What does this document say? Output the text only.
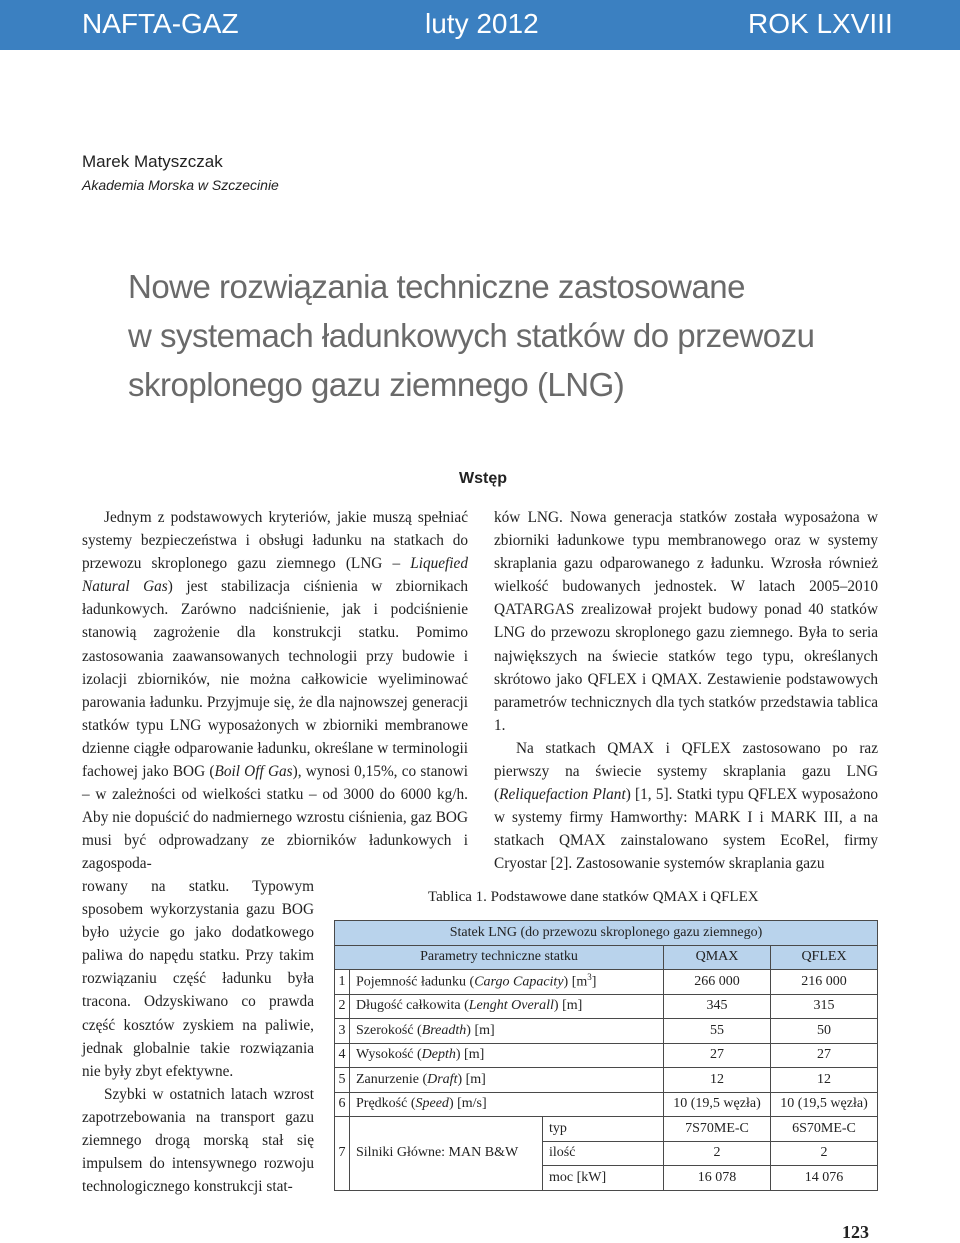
NAFTA-GAZ	luty 2012	ROK LXVIII
Marek Matyszczak
Akademia Morska w Szczecinie
Nowe rozwiązania techniczne zastosowane
w systemach ładunkowych statków do przewozu
skroplonego gazu ziemnego (LNG)
Wstęp

Jednym z podstawowych kryteriów, jakie muszą spełniać systemy bezpieczeństwa i obsługi ładunku na statkach do przewozu skroplonego gazu ziemnego (LNG – Liquefied Natural Gas) jest stabilizacja ciśnienia w zbiornikach ładunkowych. Zarówno nadciśnienie, jak i podciśnienie stanowią zagrożenie dla konstrukcji statku. Pomimo zastosowania zaawansowanych technologii przy budowie i izolacji zbiorników, nie można całkowicie wyeliminować parowania ładunku. Przyjmuje się, że dla najnowszej generacji statków typu LNG wyposażonych w zbiorniki membranowe dzienne ciągłe odparowanie ładunku, określane w terminologii fachowej jako BOG (Boil Off Gas), wynosi 0,15%, co stanowi – w zależności od wielkości statku – od 3000 do 6000 kg/h. Aby nie dopuścić do nadmiernego wzrostu ciśnienia, gaz BOG musi być odprowadzany ze zbiorników ładunkowych i zagospoda-

rowany na statku. Typowym sposobem wykorzystania gazu BOG było użycie go jako dodatkowego paliwa do napędu statku. Przy takim rozwiązaniu część ładunku była tracona. Odzyskiwano co prawda część kosztów zyskiem na paliwie, jednak globalnie takie rozwiązania nie były zbyt efektywne.

Szybki w ostatnich latach wzrost zapotrzebowania na transport gazu ziemnego drogą morską stał się impulsem do intensywnego rozwoju technologicznego konstrukcji stat-

ków LNG. Nowa generacja statków została wyposażona w zbiorniki ładunkowe typu membranowego oraz w systemy skraplania gazu odparowanego z ładunku. Wzrosła również wielkość budowanych jednostek. W latach 2005–2010 QATARGAS zrealizował projekt budowy ponad 40 statków LNG do przewozu skroplonego gazu ziemnego. Była to seria największych na świecie statków tego typu, określanych skrótowo jako QFLEX i QMAX. Zestawienie podstawowych parametrów technicznych dla tych statków przedstawia tablica 1.

Na statkach QMAX i QFLEX zastosowano po raz pierwszy na świecie systemy skraplania gazu LNG (Reliquefaction Plant) [1, 5]. Statki typu QFLEX wyposażono w systemy firmy Hamworthy: MARK I i MARK III, a na statkach QMAX zainstalowano system EcoRel, firmy Cryostar [2]. Zastosowanie systemów skraplania gazu

Tablica 1. Podstawowe dane statków QMAX i QFLEX
Statek LNG (do przewozu skroplonego gazu ziemnego)				
Parametry techniczne statku			QMAX	QFLEX
1	Pojemność ładunku (Cargo Capacity) $[m^3]$		266 000	216 000
2	Długość całkowita (Lenght Overall) [m]		345	315
3	Szerokość (Breadth) [m]		55	50
4	Wysokość (Depth) [m]		27	27
5	Zanurzenie (Draft) [m]		12	12
6	Prędkość (Speed) [m/s]		10 (19,5 węzła)	10 (19,5 węzła)
7	Silniki Główne: MAN B&W	typ	7S70ME-C	6S70ME-C
		ilość	2	2
		moc [kW]	16 078	14 076
123
